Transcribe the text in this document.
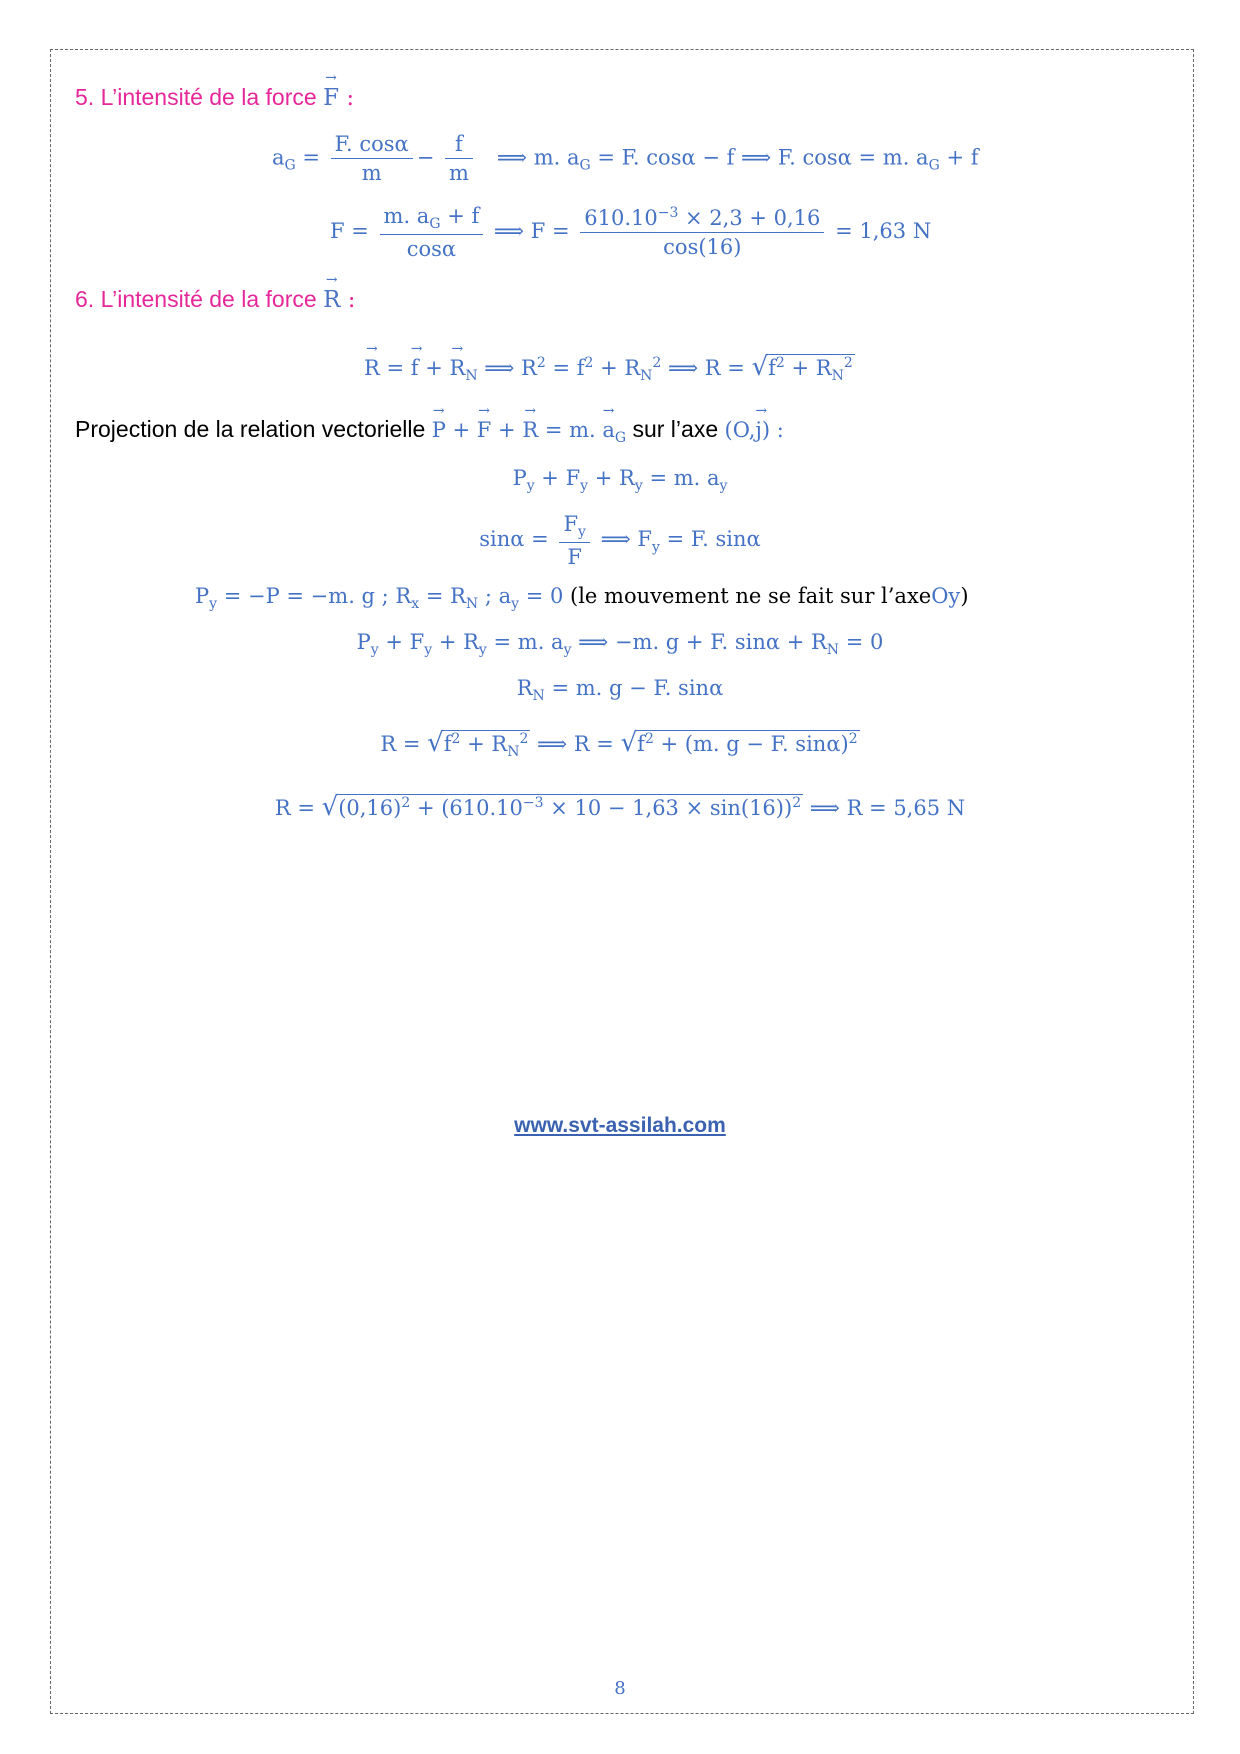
5. L’intensité de la force → F :
$a_G = \frac{F. \cos\alpha}{m} - \frac{f}{m}$ ⟹ m. $a_G = F$. cosα − f ⟹ F. cosα = m. $a_G + f$
$F = \frac{m. a_G + f}{\cos\alpha}$ ⟹ $F = \frac{610.10^{-3} \times 2,3 + 0,16}{\cos(16)} = 1,63$ N
6. L’intensité de la force → R :
→ R = → f + → $R_N$ ⟹ $R^2 = f^2 + R_N^2$ ⟹ $R = √f^2 + R_N^2$
Projection de la relation vectorielle → P + → F + → R = m. → $a_G$ sur l’axe (O,→ j) :
$P_y + F_y + R_y = m$. $a_y$
$\sin\alpha = \frac{F_y}{F}$ ⟹ $F_y = F$. sinα
$P_y = -P = -m$. g ; $R_x = R_N$ ; $a_y = 0$ (le mouvement ne se fait sur l’axeOy)
$P_y + F_y + R_y = m$. $a_y$ ⟹ −m. g + F. $\sin\alpha + R_N = 0$
$R_N = m$. g − F. sinα
$R = √f^2 + R_N^2$ ⟹ $R = √f^2 + (m$. g − F. sinα)$^2$
$R = √(0,16)^2 + (610.10^{-3} \times 10 - 1,63 \times \sin(16))^2$ ⟹ R = 5,65 N
www.svt-assilah.com
8
